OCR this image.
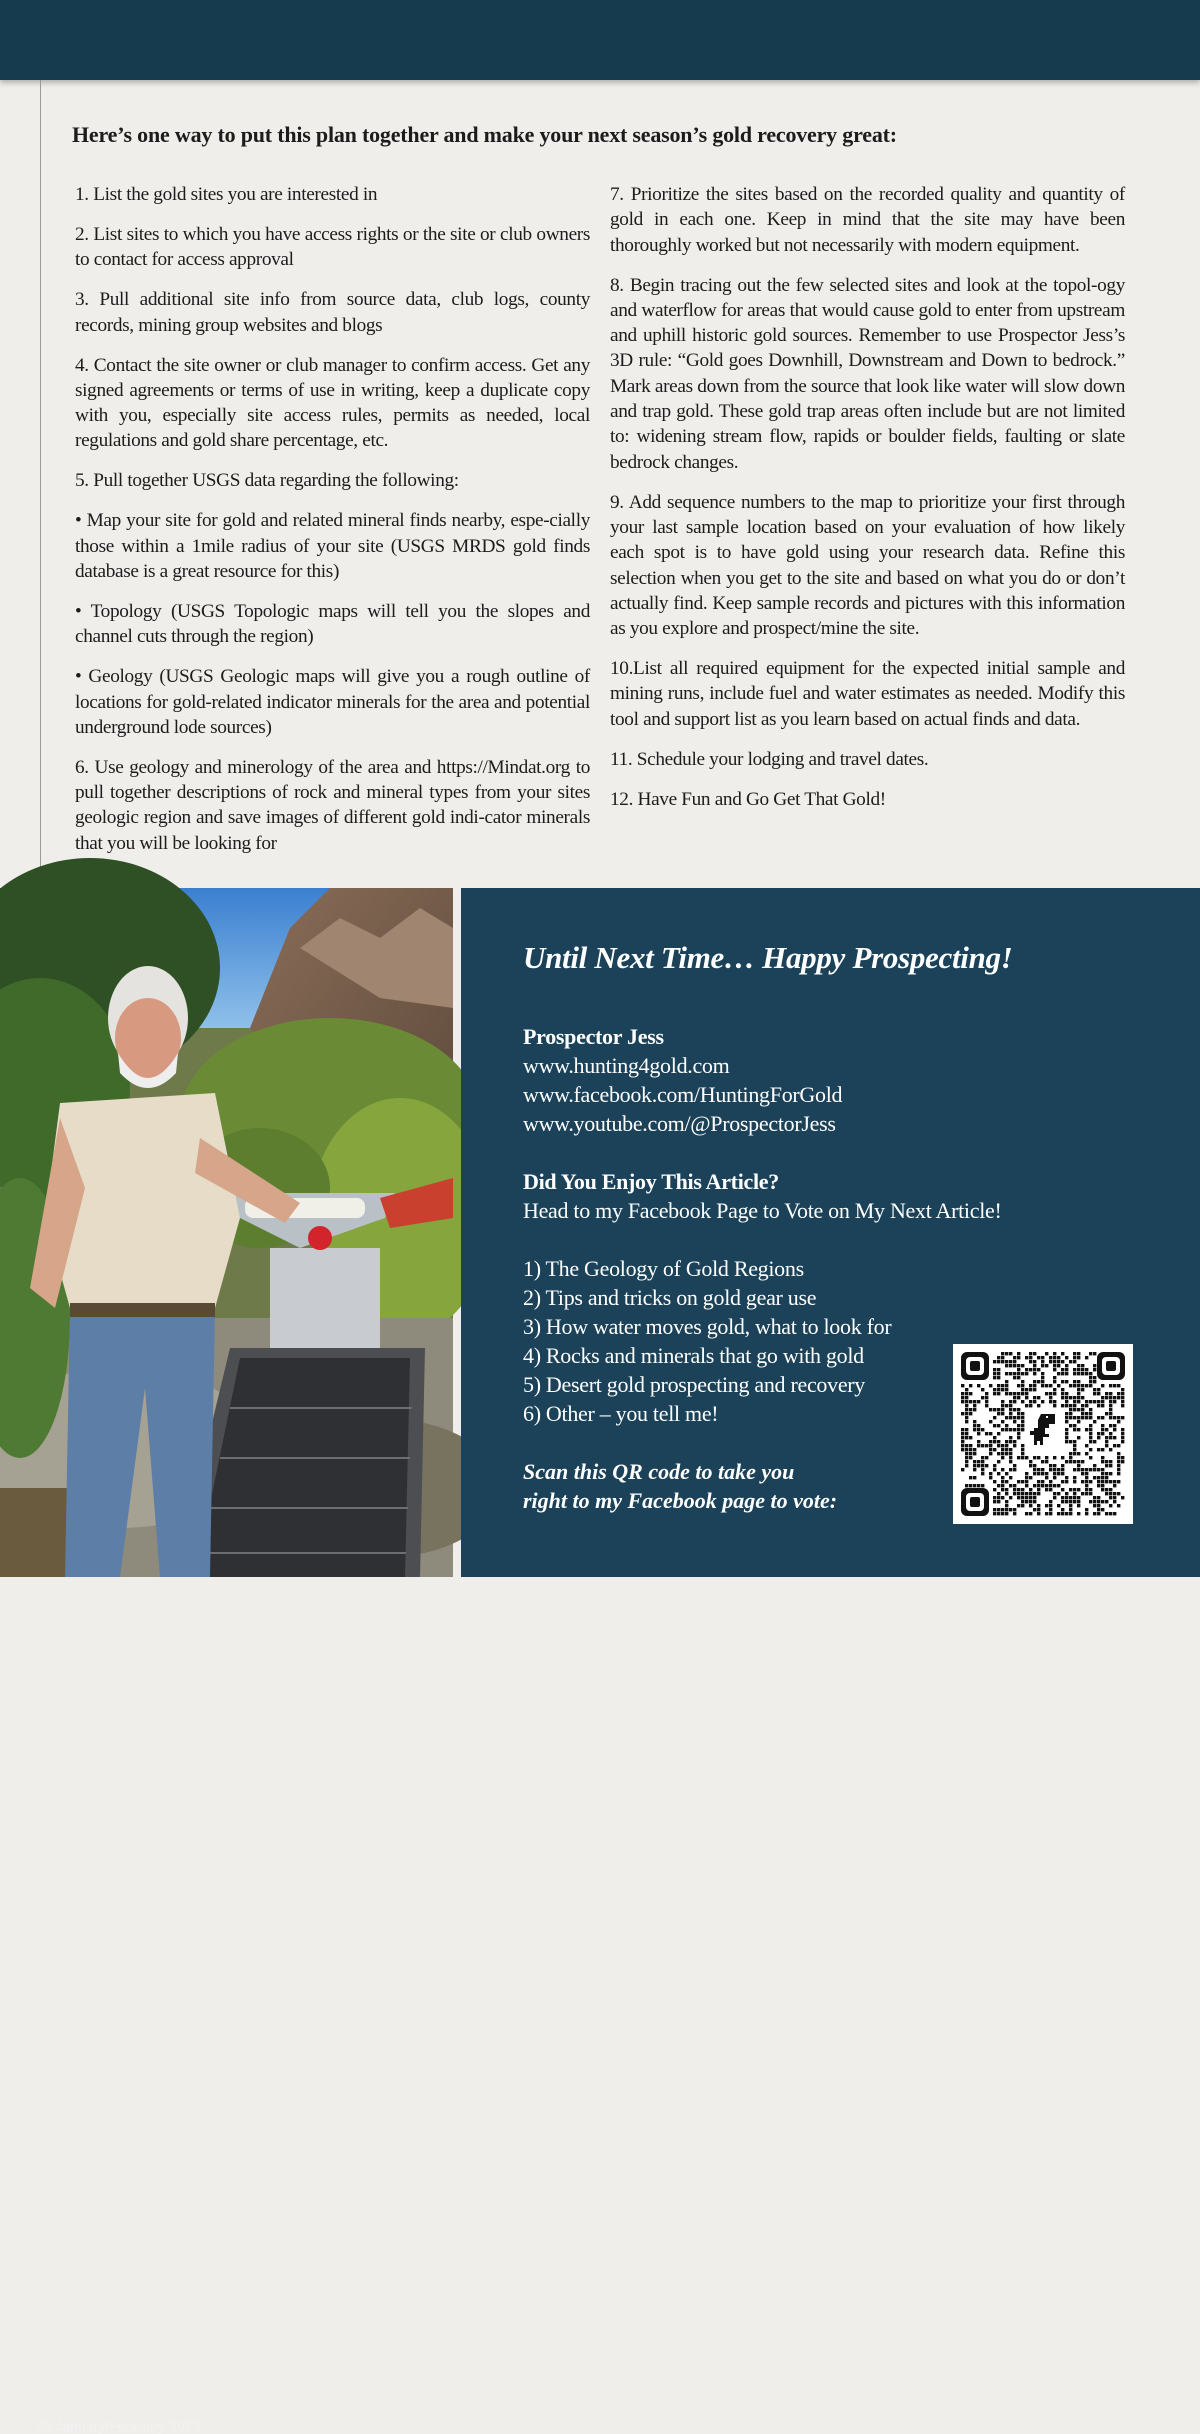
Here’s one way to put this plan together and make your next season’s gold recovery great:

1. List the gold sites you are interested in

2. List sites to which you have access rights or the site or club owners to contact for access approval

3. Pull additional site info from source data, club logs, county records, mining group websites and blogs

4. Contact the site owner or club manager to confirm access. Get any signed agreements or terms of use in writing, keep a duplicate copy with you, especially site access rules, permits as needed, local regulations and gold share percentage, etc.

5. Pull together USGS data regarding the following:

• Map your site for gold and related mineral finds nearby, espe-cially those within a 1mile radius of your site (USGS MRDS gold finds database is a great resource for this)

• Topology (USGS Topologic maps will tell you the slopes and channel cuts through the region)

• Geology (USGS Geologic maps will give you a rough outline of locations for gold-related indicator minerals for the area and potential underground lode sources)

6. Use geology and minerology of the area and https://Mindat.org to pull together descriptions of rock and mineral types from your sites geologic region and save images of different gold indi-cator minerals that you will be looking for

7. Prioritize the sites based on the recorded quality and quantity of gold in each one. Keep in mind that the site may have been thoroughly worked but not necessarily with modern equipment.

8. Begin tracing out the few selected sites and look at the topol-ogy and waterflow for areas that would cause gold to enter from upstream and uphill historic gold sources. Remember to use Prospector Jess’s 3D rule: “Gold goes Downhill, Downstream and Down to bedrock.” Mark areas down from the source that look like water will slow down and trap gold. These gold trap areas often include but are not limited to: widening stream flow, rapids or boulder fields, faulting or slate bedrock changes.

9. Add sequence numbers to the map to prioritize your first through your last sample location based on your evaluation of how likely each spot is to have gold using your research data. Refine this selection when you get to the site and based on what you do or don’t actually find. Keep sample records and pictures with this information as you explore and prospect/mine the site.

10.List all required equipment for the expected initial sample and mining runs, include fuel and water estimates as needed. Modify this tool and support list as you learn based on actual finds and data.

11. Schedule your lodging and travel dates.

12. Have Fun and Go Get That Gold!

26 January/February 2023
Until Next Time… Happy Prospecting!
Prospector Jess
www.hunting4gold.com
www.facebook.com/HuntingForGold
www.youtube.com/@ProspectorJess
Did You Enjoy This Article?
Head to my Facebook Page to Vote on My Next Article!
1) The Geology of Gold Regions
2) Tips and tricks on gold gear use
3) How water moves gold, what to look for
4) Rocks and minerals that go with gold
5) Desert gold prospecting and recovery
6) Other – you tell me!
Scan this QR code to take you
right to my Facebook page to vote:
